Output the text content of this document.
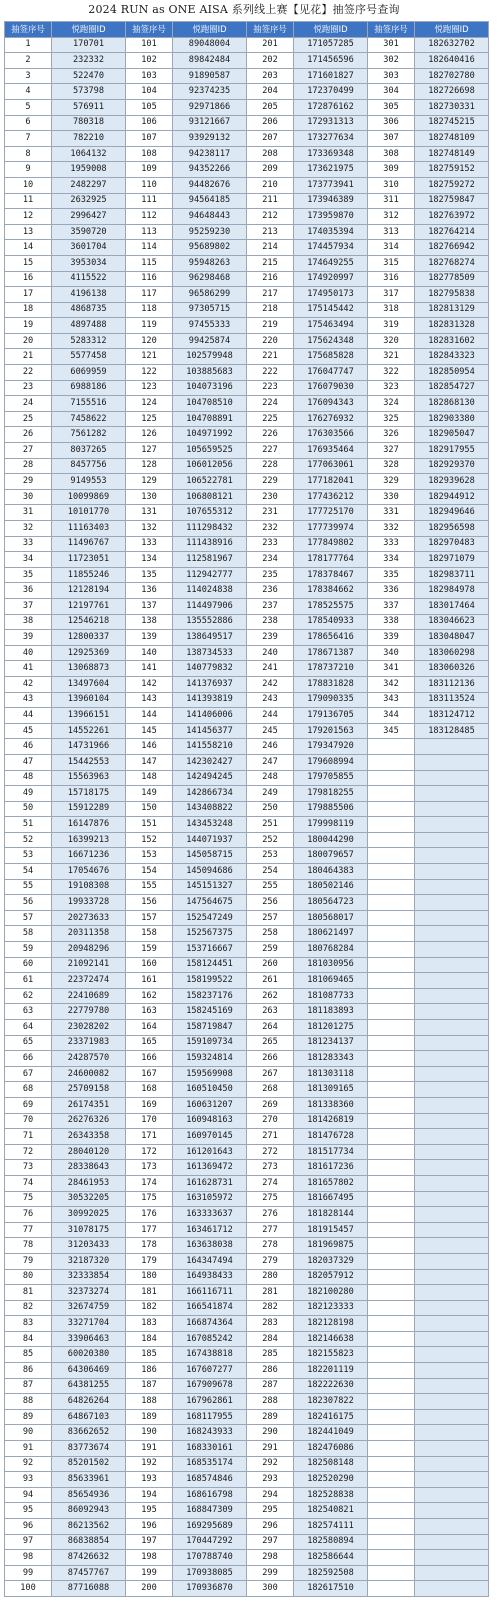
2024 RUN as ONE AISA 系列线上赛【见花】抽签序号查询
抽签序号	悦跑圈ID	抽签序号	悦跑圈ID	抽签序号	悦跑圈ID	抽签序号	悦跑圈ID
1	170701	101	89048004	201	171057285	301	182632702
2	232332	102	89842484	202	171456596	302	182640416
3	522470	103	91890587	203	171601827	303	182702780
4	573798	104	92374235	204	172370499	304	182726698
5	576911	105	92971866	205	172876162	305	182730331
6	780318	106	93121667	206	172931313	306	182745215
7	782210	107	93929132	207	173277634	307	182748109
8	1064132	108	94238117	208	173369348	308	182748149
9	1959008	109	94352266	209	173621975	309	182759152
10	2482297	110	94482676	210	173773941	310	182759272
11	2632925	111	94564185	211	173946389	311	182759847
12	2996427	112	94648443	212	173959870	312	182763972
13	3590720	113	95259230	213	174035394	313	182764214
14	3601704	114	95689802	214	174457934	314	182766942
15	3953034	115	95948263	215	174649255	315	182768274
16	4115522	116	96298468	216	174920997	316	182778509
17	4196138	117	96586299	217	174950173	317	182795838
18	4868735	118	97305715	218	175145442	318	182813129
19	4897488	119	97455333	219	175463494	319	182831328
20	5283312	120	99425874	220	175624348	320	182831602
21	5577458	121	102579948	221	175685828	321	182843323
22	6069959	122	103885683	222	176047747	322	182850954
23	6988186	123	104073196	223	176079030	323	182854727
24	7155516	124	104708510	224	176094343	324	182868130
25	7458622	125	104708891	225	176276932	325	182903380
26	7561282	126	104971992	226	176303566	326	182905047
27	8037265	127	105659525	227	176935464	327	182917955
28	8457756	128	106012056	228	177063061	328	182929370
29	9149553	129	106522781	229	177182041	329	182939628
30	10099869	130	106808121	230	177436212	330	182944912
31	10101770	131	107655312	231	177725170	331	182949646
32	11163403	132	111298432	232	177739974	332	182956598
33	11496767	133	111438916	233	177849802	333	182970483
34	11723051	134	112581967	234	178177764	334	182971079
35	11855246	135	112942777	235	178378467	335	182983711
36	12128194	136	114024838	236	178384662	336	182984978
37	12197761	137	114497906	237	178525575	337	183017464
38	12546218	138	135552886	238	178540933	338	183046623
39	12800337	139	138649517	239	178656416	339	183048047
40	12925369	140	138734533	240	178671387	340	183060298
41	13068873	141	140779832	241	178737210	341	183060326
42	13497604	142	141376937	242	178831828	342	183112136
43	13960104	143	141393819	243	179090335	343	183113524
44	13966151	144	141406006	244	179136705	344	183124712
45	14552261	145	141456377	245	179201563	345	183128485
46	14731966	146	141558210	246	179347920		
47	15442553	147	142302427	247	179608994		
48	15563963	148	142494245	248	179705855		
49	15718175	149	142866734	249	179818255		
50	15912289	150	143408822	250	179885506		
51	16147876	151	143453248	251	179998119		
52	16399213	152	144071937	252	180044290		
53	16671236	153	145058715	253	180079657		
54	17054676	154	145094686	254	180464383		
55	19108308	155	145151327	255	180502146		
56	19933728	156	147564675	256	180564723		
57	20273633	157	152547249	257	180568017		
58	20311358	158	152567375	258	180621497		
59	20948296	159	153716667	259	180768284		
60	21092141	160	158124451	260	181030956		
61	22372474	161	158199522	261	181069465		
62	22410689	162	158237176	262	181087733		
63	22779780	163	158245169	263	181183893		
64	23028202	164	158719847	264	181201275		
65	23371983	165	159109734	265	181234137		
66	24287570	166	159324814	266	181283343		
67	24600082	167	159569908	267	181303118		
68	25709158	168	160510450	268	181309165		
69	26174351	169	160631207	269	181338360		
70	26276326	170	160948163	270	181426819		
71	26343358	171	160970145	271	181476728		
72	28040120	172	161201643	272	181517734		
73	28338643	173	161369472	273	181617236		
74	28461953	174	161628731	274	181657802		
75	30532205	175	163105972	275	181667495		
76	30992025	176	163333637	276	181828144		
77	31078175	177	163461712	277	181915457		
78	31203433	178	163638038	278	181969875		
79	32187320	179	164347494	279	182037329		
80	32333854	180	164938433	280	182057912		
81	32373274	181	166116711	281	182100280		
82	32674759	182	166541874	282	182123333		
83	33271704	183	166874364	283	182128198		
84	33906463	184	167085242	284	182146638		
85	60020380	185	167438818	285	182155823		
86	64306469	186	167607277	286	182201119		
87	64381255	187	167909678	287	182222630		
88	64826264	188	167962861	288	182307822		
89	64867103	189	168117955	289	182416175		
90	83662652	190	168243933	290	182441049		
91	83773674	191	168330161	291	182476086		
92	85201502	192	168535174	292	182508148		
93	85633961	193	168574846	293	182520290		
94	85654936	194	168616798	294	182528838		
95	86092943	195	168847309	295	182540821		
96	86213562	196	169295689	296	182574111		
97	86838854	197	170447292	297	182580894		
98	87426632	198	170788740	298	182586644		
99	87457767	199	170938085	299	182592508		
100	87716088	200	170936870	300	182617510		
